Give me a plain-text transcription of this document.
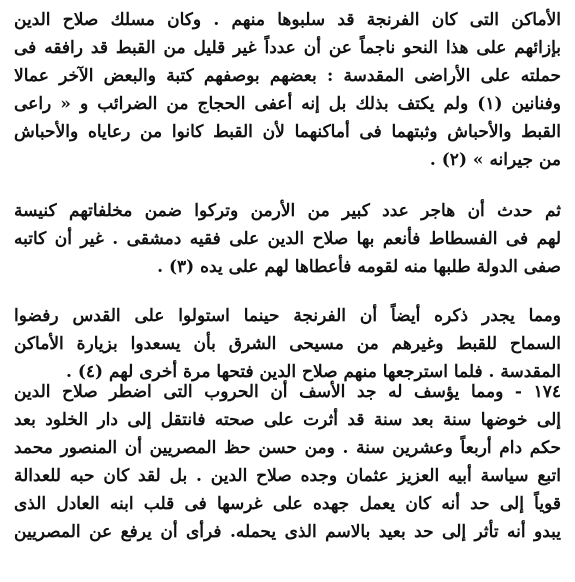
الأماكن التى كان الفرنجة قد سلبوها منهم . وكان مسلك صلاح الدين
بإزائهم على هذا النحو ناجماً عن أن عدداً غير قليل من القبط قد رافقه فى
حملته على الأراضى المقدسة : بعضهم بوصفهم كتبة والبعض الآخر عمالا
وفنانين (١) ولم يكتف بذلك بل إنه أعفى الحجاج من الضرائب و « راعى
القبط والأحباش وثبتهما فى أماكنهما لأن القبط كانوا من رعاياه والأحباش
من جيرانه » (٢) .
ثم حدث أن هاجر عدد كبير من الأرمن وتركوا ضمن مخلفاتهم كنيسة
لهم فى الفسطاط فأنعم بها صلاح الدين على فقيه دمشقى . غير أن كاتبه
صفى الدولة طلبها منه لقومه فأعطاها لهم على يده (٣) .
ومما يجدر ذكره أيضاً أن الفرنجة حينما استولوا على القدس رفضوا
السماح للقبط وغيرهم من مسيحى الشرق بأن يسعدوا بزيارة الأماكن
المقدسة . فلما استرجعها منهم صلاح الدين فتحها مرة أخرى لهم (٤) .
١٧٤ - ومما يؤسف له جد الأسف أن الحروب التى اضطر صلاح الدين
إلى خوضها سنة بعد سنة قد أثرت على صحته فانتقل إلى دار الخلود بعد
حكم دام أربعاً وعشرين سنة . ومن حسن حظ المصريين أن المنصور محمد
اتبع سياسة أبيه العزيز عثمان وجده صلاح الدين . بل لقد كان حبه للعدالة
قوياً إلى حد أنه كان يعمل جهده على غرسها فى قلب ابنه العادل الذى
يبدو أنه تأثر إلى حد بعيد بالاسم الذى يحمله. فرأى أن يرفع عن المصريين
